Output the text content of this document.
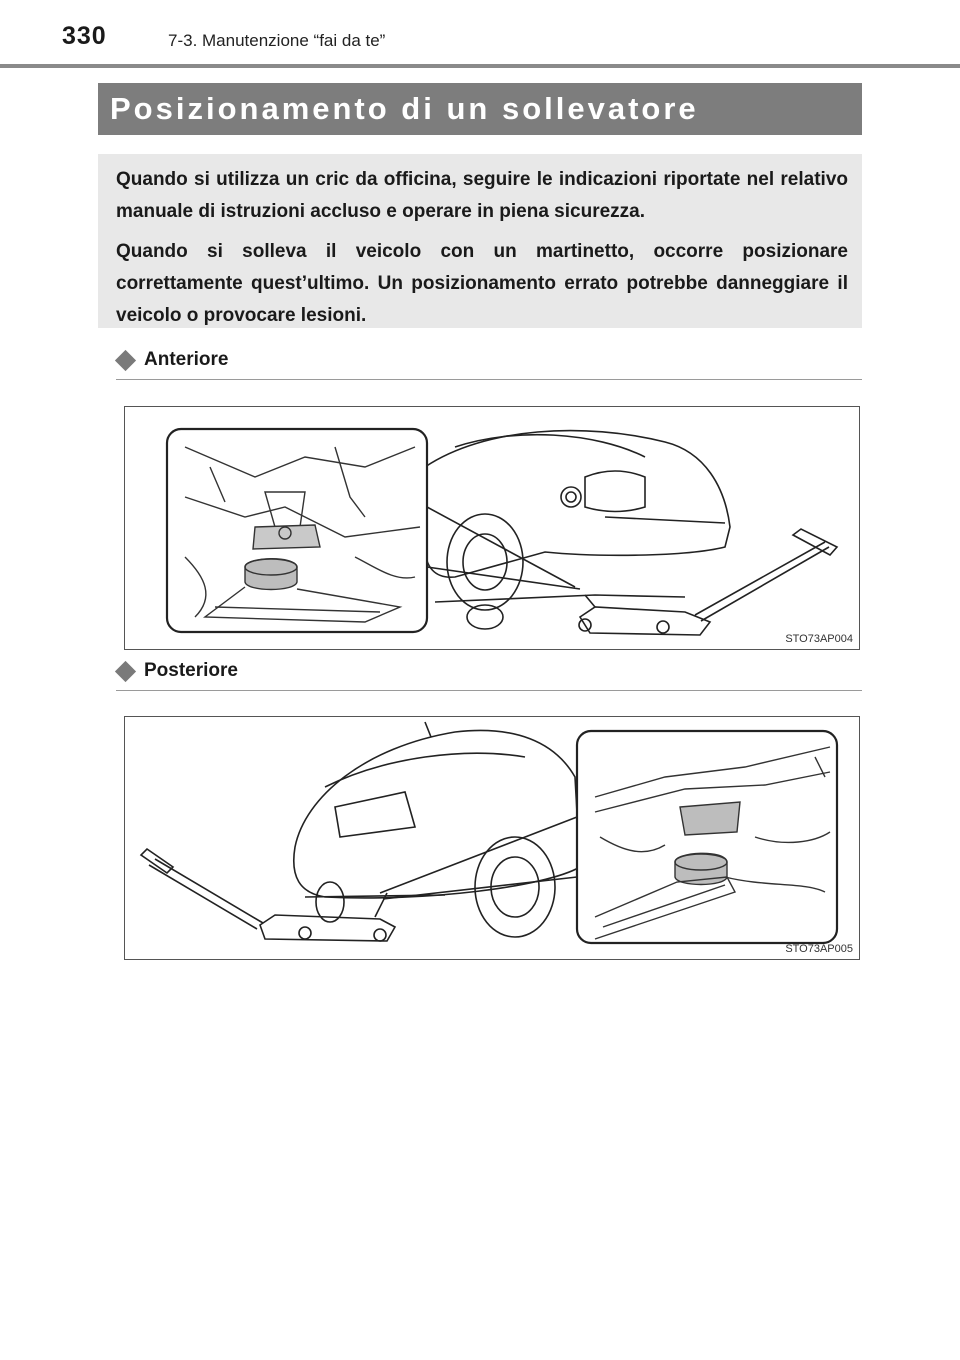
330	7-3. Manutenzione “fai da te”
Posizionamento di un sollevatore

Quando si utilizza un cric da officina, seguire le indicazioni riportate nel relativo manuale di istruzioni accluso e operare in piena sicurezza.

Quando si solleva il veicolo con un martinetto, occorre posizionare correttamente quest’ultimo. Un posizionamento errato potrebbe danneggiare il veicolo o provocare lesioni.

Anteriore
STO73AP004
Posteriore
STO73AP005
